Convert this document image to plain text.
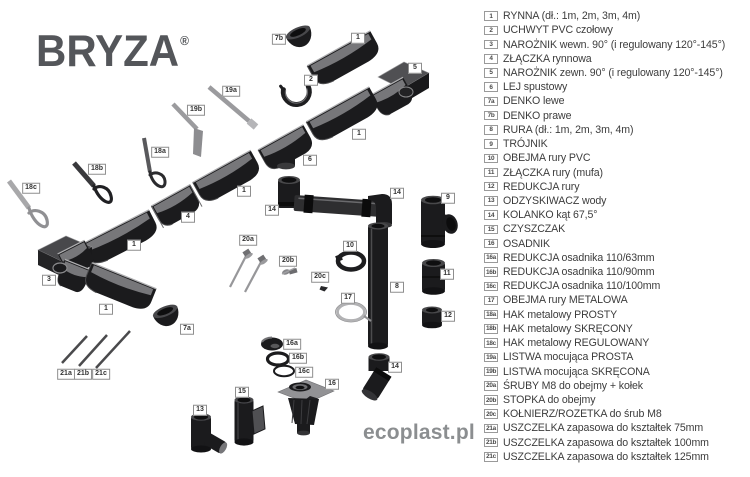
BRYZA®	7b	1
5
2
19a
19b
1
18a
6
18b
18c	1	14
9
14
4
20a
1	10
20b
11
20c
3
8
17
1
12
7a
16a
16b
14
16c
21a 21b 21c
16
15
13
1 RYNNA (dł.: 1m, 2m, 3m, 4m)
2 UCHWYT PVC czołowy
3 NAROŻNIK wewn. 90° (i regulowany 120°-145°)
4 ZŁĄCZKA rynnowa
5 NAROŻNIK zewn. 90° (i regulowany 120°-145°)
6 LEJ spustowy
7a DENKO lewe
7b DENKO prawe
8 RURA (dł.: 1m, 2m, 3m, 4m)
9 TRÓJNIK
10 OBEJMA rury PVC
11 ZŁĄCZKA rury (mufa)
12 REDUKCJA rury
13 ODZYSKIWACZ wody
14 KOLANKO kąt 67,5°
15 CZYSZCZAK
16 OSADNIK
16a REDUKCJA osadnika 110/63mm
16b REDUKCJA osadnika 110/90mm
16c REDUKCJA osadnika 110/100mm
17 OBEJMA rury METALOWA
18a HAK metalowy PROSTY
18b HAK metalowy SKRĘCONY
18c HAK metalowy REGULOWANY
19a LISTWA mocująca PROSTA
19b LISTWA mocująca SKRĘCONA
20a ŚRUBY M8 do obejmy + kołek
20b STOPKA do obejmy
20c KOŁNIERZ/ROZETKA do śrub M8
21a USZCZELKA zapasowa do kształtek 75mm
21b USZCZELKA zapasowa do kształtek 100mm
21c USZCZELKA zapasowa do kształtek 125mm
ecoplast.pl
